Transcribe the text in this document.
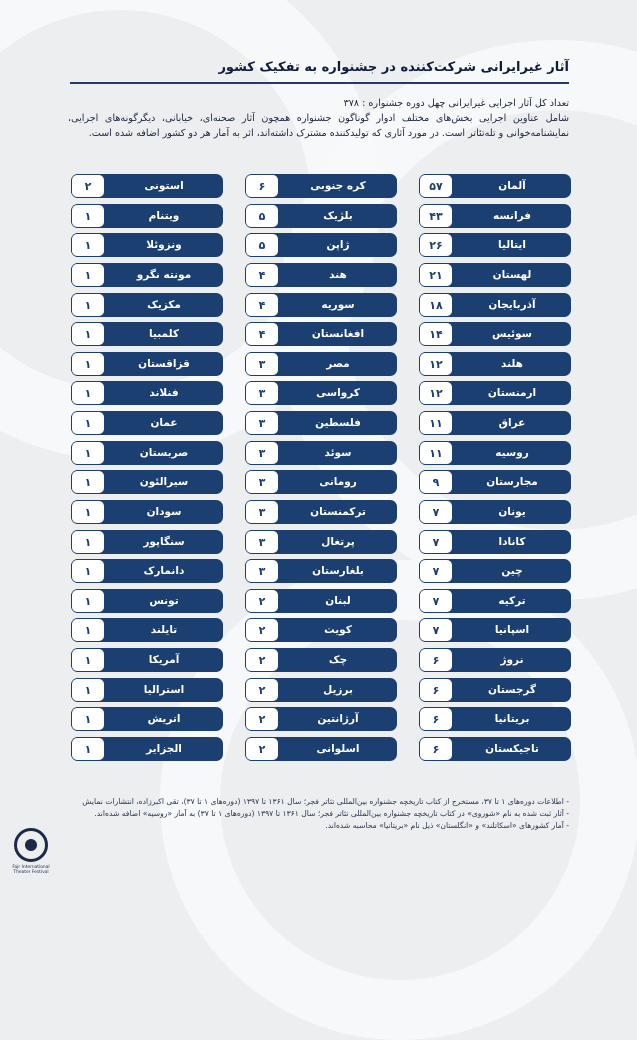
آثار غیرایرانی شرکت‌کننده در جشنواره به تفکیک کشور

تعداد کل آثار اجرایی غیرایرانی چهل دوره جشنواره : ۳۷۸

شامل عناوین اجرایی بخش‌های مختلف ادوار گوناگون جشنواره همچون آثار صحنه‌ای، خیابانی، دیگرگونه‌های اجرایی، نمایشنامه‌خوانی و تله‌تئاتر است. در مورد آثاری که تولیدکننده مشترک داشته‌اند، اثر به آمار هر دو کشور اضافه شده است.

آلمان
۵۷
فرانسه
۴۳
ایتالیا
۲۶
لهستان
۲۱
آذربایجان
۱۸
سوئیس
۱۴
هلند
۱۲
ارمنستان
۱۲
عراق
۱۱
روسیه
۱۱
مجارستان
۹
یونان
۷
کانادا
۷
چین
۷
ترکیه
۷
اسپانیا
۷
نروژ
۶
گرجستان
۶
بریتانیا
۶
تاجیکستان
۶
کره جنوبی
۶
بلژیک
۵
ژاپن
۵
هند
۴
سوریه
۴
افغانستان
۴
مصر
۳
کرواسی
۳
فلسطین
۳
سوئد
۳
رومانی
۳
ترکمنستان
۳
پرتغال
۳
بلغارستان
۳
لبنان
۲
کویت
۲
چک
۲
برزیل
۲
آرژانتین
۲
اسلوانی
۲
استونی
۲
ویتنام
۱
ونزوئلا
۱
مونته نگرو
۱
مکزیک
۱
کلمبیا
۱
قزاقستان
۱
فنلاند
۱
عمان
۱
صربستان
۱
سیرالئون
۱
سودان
۱
سنگاپور
۱
دانمارک
۱
تونس
۱
تایلند
۱
آمریکا
۱
استرالیا
۱
اتریش
۱
الجزایر
۱
- اطلاعات دوره‌های ۱ تا ۳۷، مستخرج از کتاب تاریخچه جشنواره بین‌المللی تئاتر فجر؛ سال ۱۳۶۱ تا ۱۳۹۷ (دوره‌های ۱ تا ۳۷)، تقی اکبرزاده، انتشارات نمایش
- آثار ثبت شده به نام «شوروی» در کتاب تاریخچه جشنواره بین‌المللی تئاتر فجر؛ سال ۱۳۶۱ تا ۱۳۹۷ (دوره‌های ۱ تا ۳۷) به آمار «روسیه» اضافه شده‌اند.
- آمار کشورهای «اسکاتلند» و «انگلستان» ذیل نام «بریتانیا» محاسبه شده‌اند.
Fajr International Theater Festival
